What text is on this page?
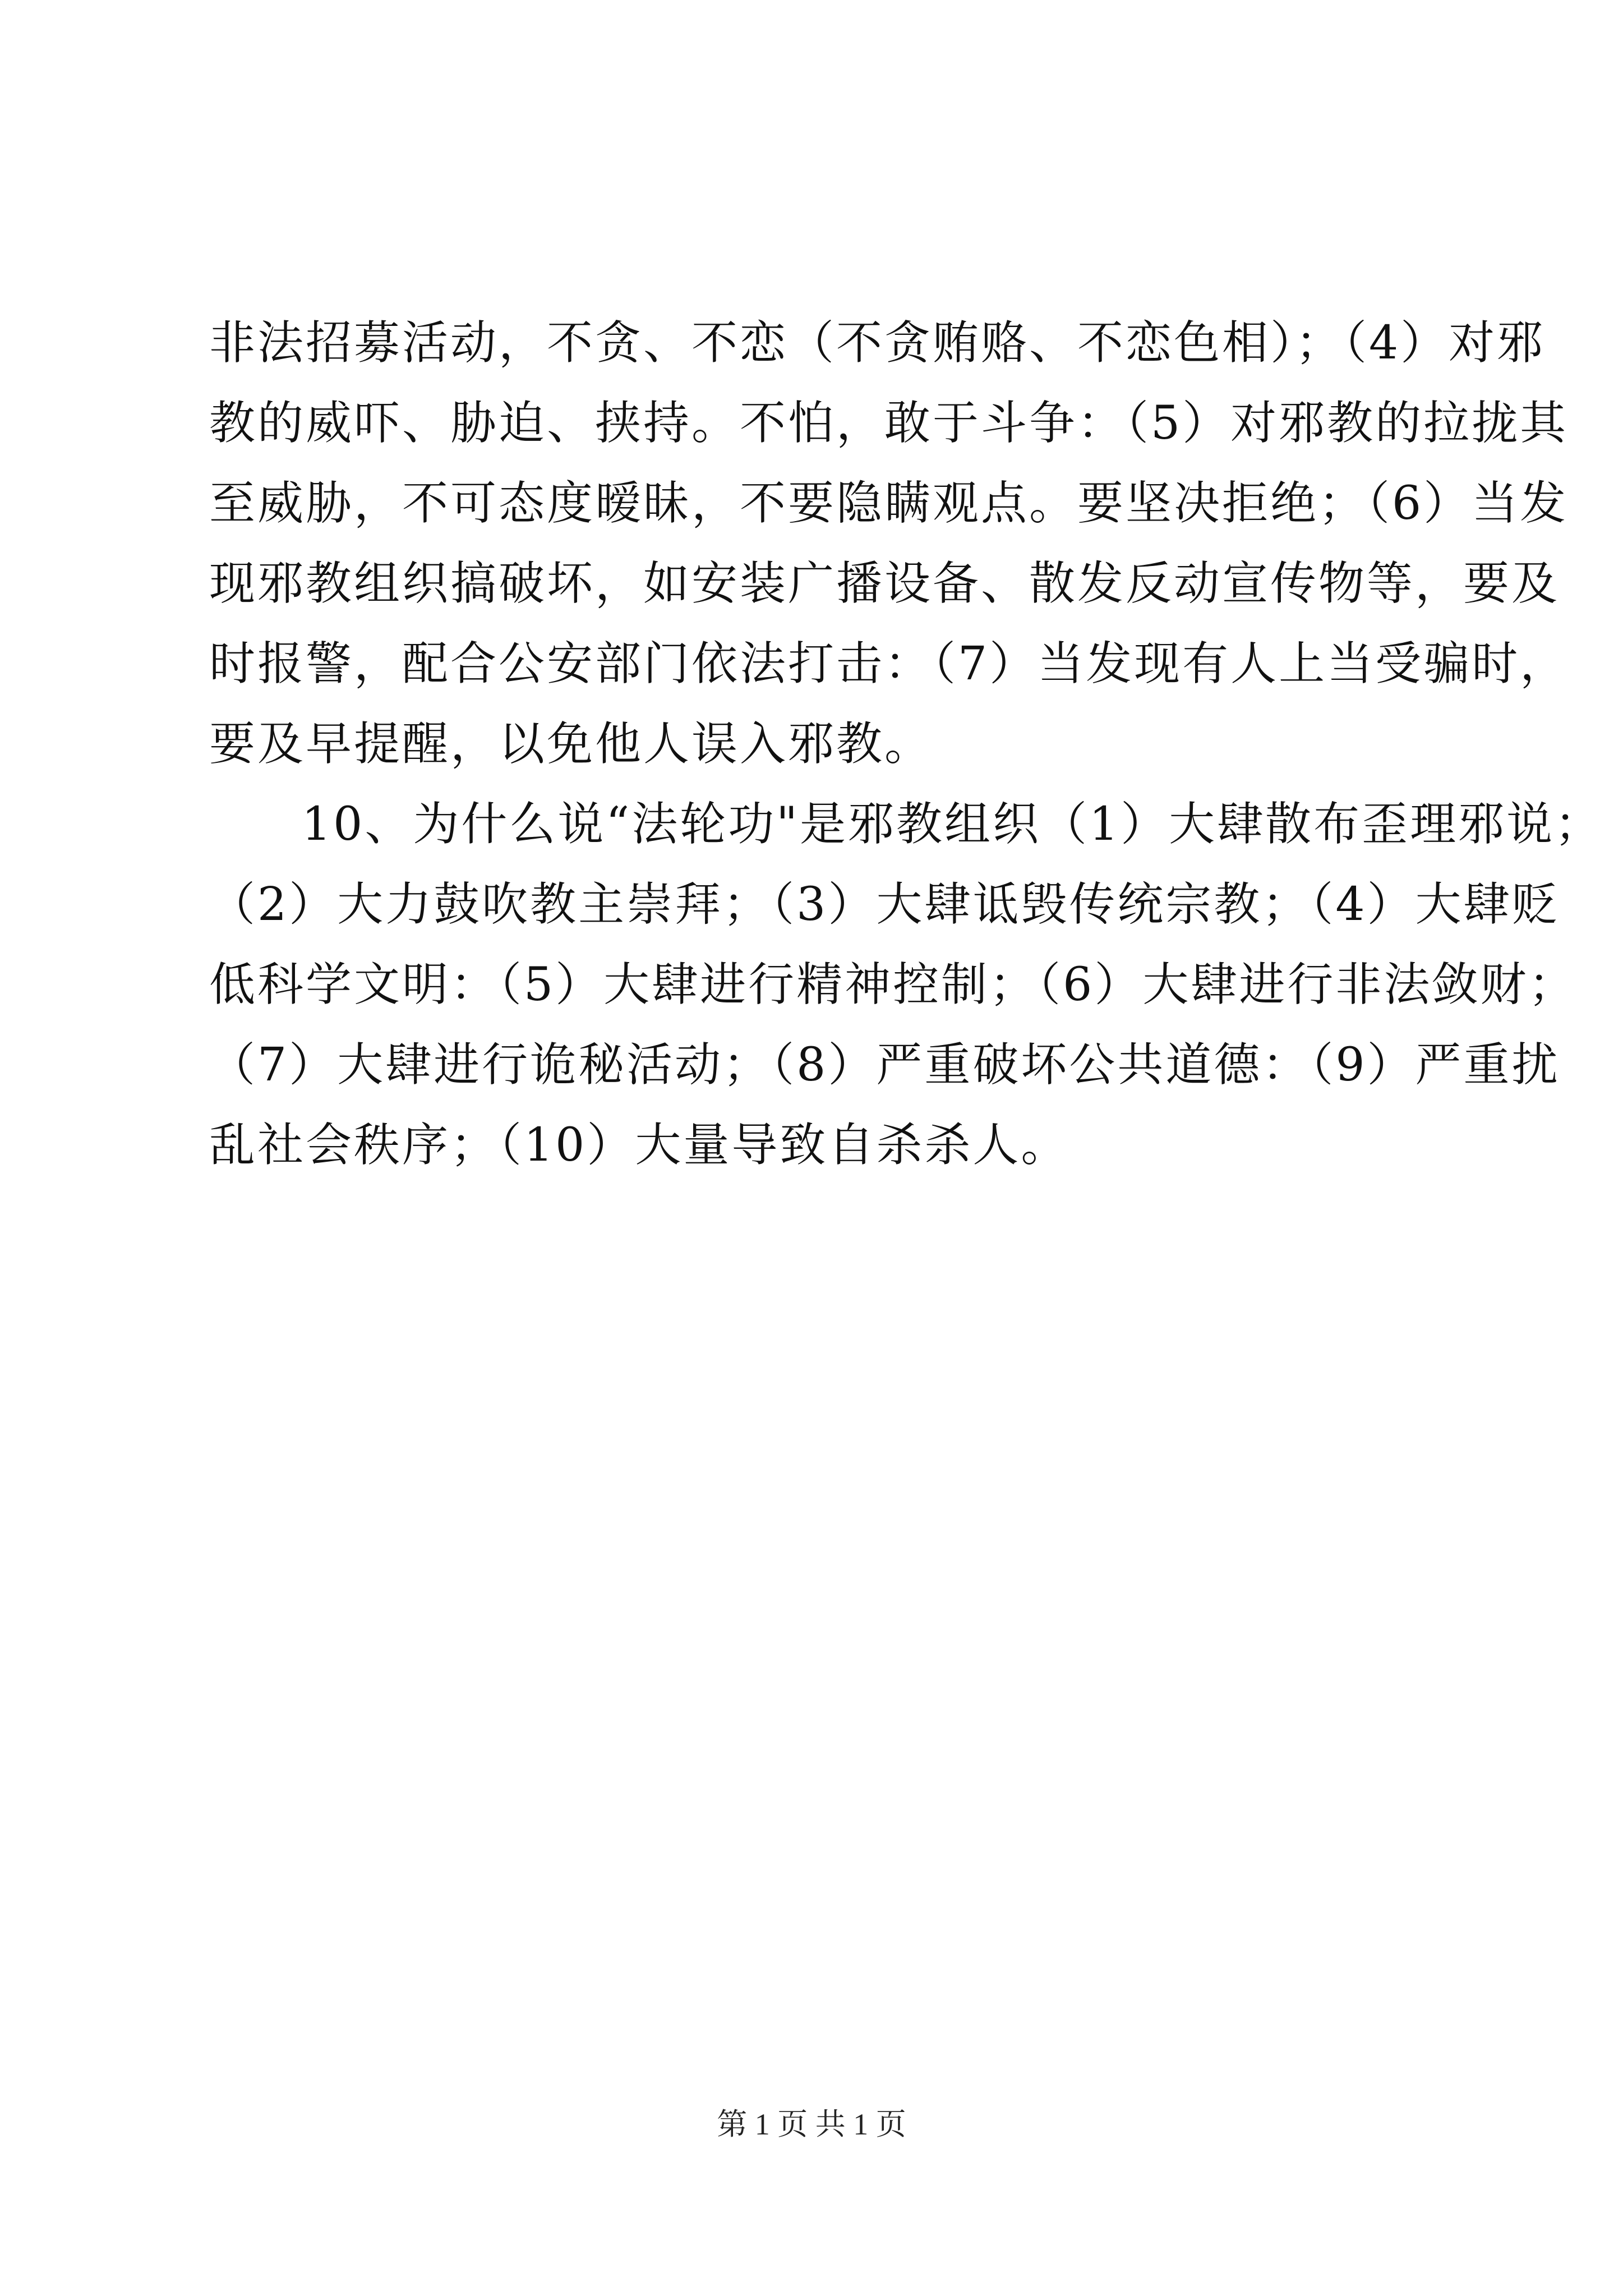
非法招募活动，不贪、不恋（不贪贿赂、不恋色相）；（4）对邪
教的威吓、胁迫、挟持。不怕，敢于斗争：（5）对邪教的拉拢其
至威胁，不可态度暧昧，不要隐瞒观点。要坚决拒绝；（6）当发
现邪教组织搞破坏，如安装广播设备、散发反动宣传物等，要及
时报警，配合公安部门依法打击：（7）当发现有人上当受骗时，
要及早提醒，以免他人误入邪教。
10、为什么说“法轮功"是邪教组织（1）大肆散布歪理邪说；
（2）大力鼓吹教主崇拜；（3）大肆诋毁传统宗教；（4）大肆贬
低科学文明：（5）大肆进行精神控制；（6）大肆进行非法敛财；
（7）大肆进行诡秘活动；（8）严重破坏公共道德：（9）严重扰
乱社会秩序；（10）大量导致自杀杀人。
第 1 页 共 1 页
